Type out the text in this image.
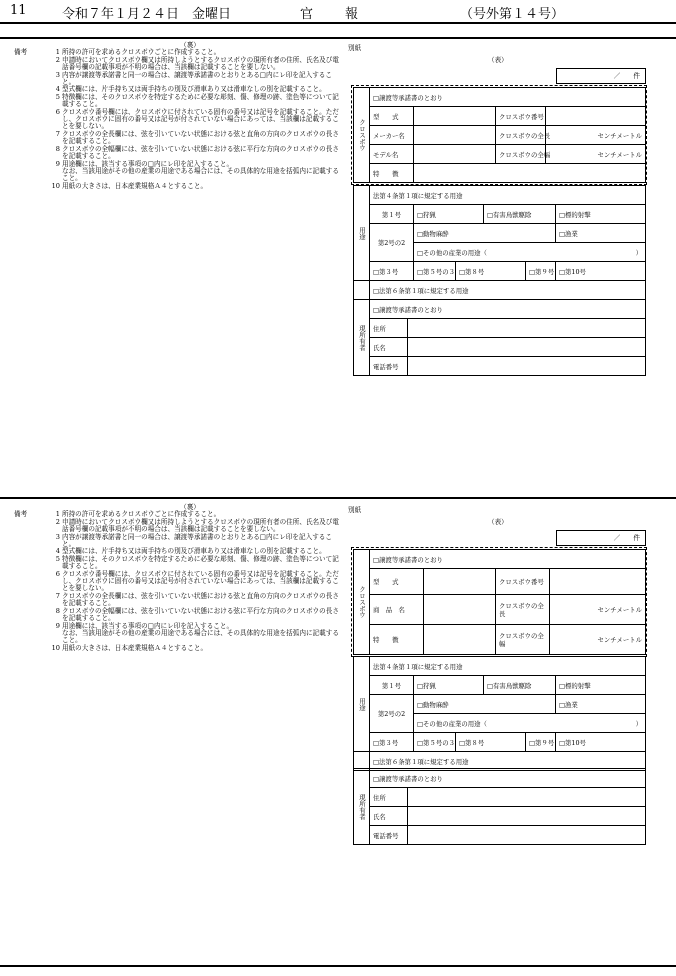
11	令和７年１月２４日　金曜日	官　　報	（号外第１４号）
（裏）
備考	1 所持の許可を求めるクロスボウごとに作成すること。
2 申請時においてクロスボウ欄又は所持しようとするクロスボウの現所有者の住所、氏名及び電話番号欄の記載事項が不明の場合は、当該欄は記載することを要しない。
3 内容が譲渡等承諾書と同一の場合は、譲渡等承諾書のとおりとある□内にレ印を記入すること。
4 型式欄には、片手持ち又は両手持ちの別及び滑車あり又は滑車なしの別を記載すること。
5 特徴欄には、そのクロスボウを特定するために必要な彫刻、傷、修理の跡、塗色等について記載すること。
6 クロスボウ番号欄には、クロスボウに付されている固有の番号又は記号を記載すること。ただし、クロスボウに固有の番号又は記号が付されていない場合にあっては、当該欄は記載することを要しない。
7 クロスボウの全長欄には、弦を引いていない状態における弦と直角の方向のクロスボウの長さを記載すること。
8 クロスボウの全幅欄には、弦を引いていない状態における弦に平行な方向のクロスボウの長さを記載すること。
9 用途欄には、該当する事項の□内にレ印を記入すること。
なお、当該用途がその他の産業の用途である場合には、その具体的な用途を括弧内に記載すること。
10 用紙の大きさは、日本産業規格Ａ４とすること。
別紙
（表）
／　　件
クロスボウ	□譲渡等承諾書のとおり			
	型　　式		クロスボウ番号	
	メーカー名		クロスボウの全長	センチメートル
	モデル名		クロスボウの全幅	センチメートル
	特　　徴			
用途	法第４条第１項に規定する用途					
	第１号	□狩猟		□有害鳥獣駆除		□標的射撃
	第2号の2	□動物麻酔				□漁業
		□その他の産業の用途（ ）				

	□第３号	□第５号の３	□第８号		□第９号	□第10号
	□法第６条第１項に規定する用途					
現所有者	□譲渡等承諾書のとおり	
	住所	
	氏名	
	電話番号	
（裏）
備考	1 所持の許可を求めるクロスボウごとに作成すること。
2 申請時においてクロスボウ欄又は所持しようとするクロスボウの現所有者の住所、氏名及び電話番号欄の記載事項が不明の場合は、当該欄は記載することを要しない。
3 内容が譲渡等承諾書と同一の場合は、譲渡等承諾書のとおりとある□内にレ印を記入すること。
4 型式欄には、片手持ち又は両手持ちの別及び滑車あり又は滑車なしの別を記載すること。
5 特徴欄には、そのクロスボウを特定するために必要な彫刻、傷、修理の跡、塗色等について記載すること。
6 クロスボウ番号欄には、クロスボウに付されている固有の番号又は記号を記載すること。ただし、クロスボウに固有の番号又は記号が付されていない場合にあっては、当該欄は記載することを要しない。
7 クロスボウの全長欄には、弦を引いていない状態における弦と直角の方向のクロスボウの長さを記載すること。
8 クロスボウの全幅欄には、弦を引いていない状態における弦に平行な方向のクロスボウの長さを記載すること。
9 用途欄には、該当する事項の□内にレ印を記入すること。
なお、当該用途がその他の産業の用途である場合には、その具体的な用途を括弧内に記載すること。
10 用紙の大きさは、日本産業規格Ａ４とすること。
別紙
（表）
／　　件
クロスボウ	□譲渡等承諾書のとおり			
	型　　式		クロスボウ番号	
	商　品　名		クロスボウの全　　長	センチメートル
	特　　徴		クロスボウの全　　幅	センチメートル
用途	法第４条第１項に規定する用途					
	第１号	□狩猟		□有害鳥獣駆除		□標的射撃
	第2号の2	□動物麻酔				□漁業
		□その他の産業の用途（ ）				

	□第３号	□第５号の３	□第８号		□第９号	□第10号
	□法第６条第１項に規定する用途					
現所有者	□譲渡等承諾書のとおり	
	住所	
	氏名	
	電話番号	
